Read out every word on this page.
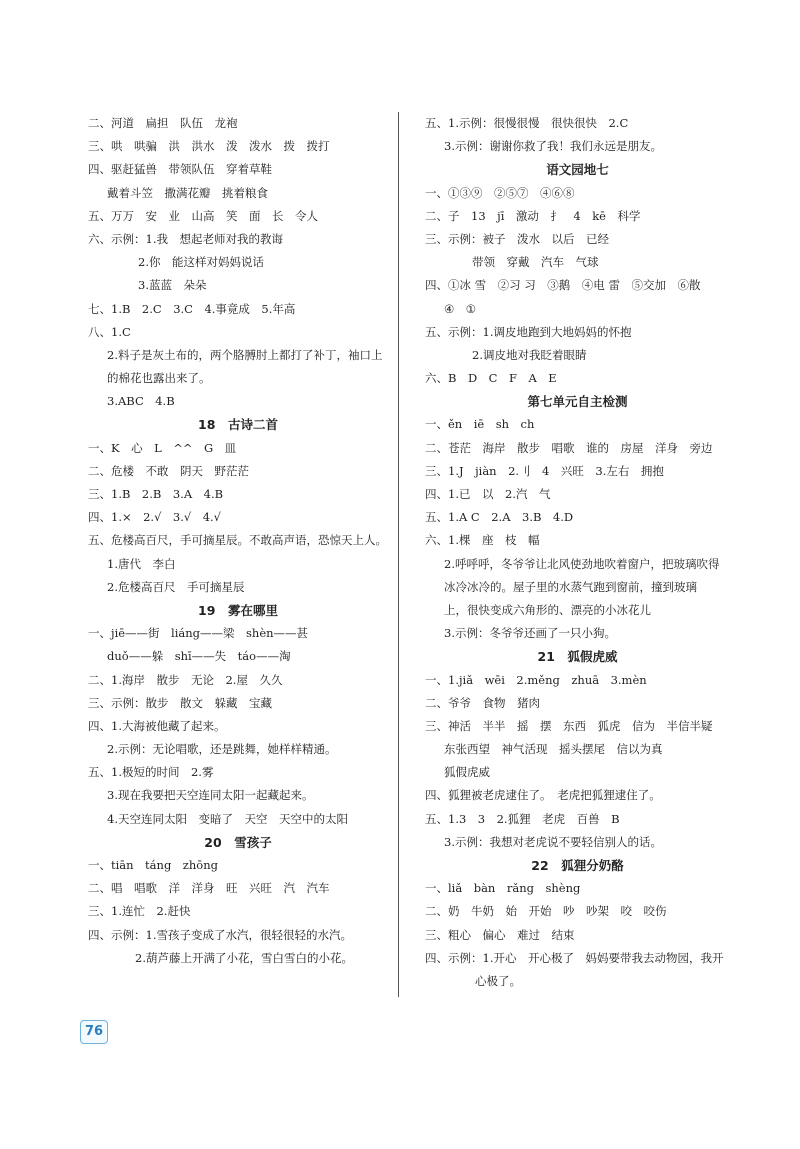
二、河道　扁担　队伍　龙袍
三、哄　哄骗　洪　洪水　泼　泼水　拨　拨打
四、驱赶猛兽　带领队伍　穿着草鞋
戴着斗笠　撒满花瓣　挑着粮食
五、万万　安　业　山高　笑　面　长　令人
六、示例：1.我　想起老师对我的教诲
2.你　能这样对妈妈说话
3.蓝蓝　朵朵
七、1.B　2.C　3.C　4.事竟成　5.年高
八、1.C
2.料子是灰土布的，两个胳膊肘上都打了补丁，袖口上
的棉花也露出来了。
3.ABC　4.B
18　古诗二首
一、K　心　L　^^　G　皿
二、危楼　不敢　阴天　野茫茫
三、1.B　2.B　3.A　4.B
四、1.×　2.√　3.√　4.√
五、危楼高百尺，手可摘星辰。不敢高声语，恐惊天上人。
1.唐代　李白
2.危楼高百尺　手可摘星辰
19　雾在哪里
一、jiē——街　liáng——梁　shèn——甚
duǒ——躲　shī——失　táo——淘
二、1.海岸　散步　无论　2.屋　久久
三、示例：散步　散文　躲藏　宝藏
四、1.大海被他藏了起来。
2.示例：无论唱歌，还是跳舞，她样样精通。
五、1.极短的时间　2.雾
3.现在我要把天空连同太阳一起藏起来。
4.天空连同太阳　变暗了　天空　天空中的太阳
20　雪孩子
一、tiān　táng　zhōng
二、唱　唱歌　洋　洋身　旺　兴旺　汽　汽车
三、1.连忙　2.赶快
四、示例：1.雪孩子变成了水汽，很轻很轻的水汽。
2.葫芦藤上开满了小花，雪白雪白的小花。
五、1.示例：很慢很慢　很快很快　2.C
3.示例：谢谢你救了我！我们永远是朋友。
语文园地七
一、①③⑨　②⑤⑦　④⑥⑧
二、子　13　jī　激动　扌　4　kē　科学
三、示例：被子　泼水　以后　已经
带领　穿戴　汽车　气球
四、①冰 雪　②习 习　③鹅　④电 雷　⑤交加　⑥散
④　①
五、示例：1.调皮地跑到大地妈妈的怀抱
2.调皮地对我眨着眼睛
六、B　D　C　F　A　E
第七单元自主检测
一、ěn　iē　sh　ch
二、苍茫　海岸　散步　唱歌　谁的　房屋　洋身　旁边
三、1.J　jiàn　2.刂　4　兴旺　3.左右　拥抱
四、1.已　以　2.汽　气
五、1.A C　2.A　3.B　4.D
六、1.棵　座　枝　幅
2.呼呼呼，冬爷爷让北风使劲地吹着窗户，把玻璃吹得
冰冷冰冷的。屋子里的水蒸气跑到窗前，撞到玻璃
上，很快变成六角形的、漂亮的小冰花儿
3.示例：冬爷爷还画了一只小狗。
21　狐假虎威
一、1.jiǎ　wēi　2.měng　zhuā　3.mèn
二、爷爷　食物　猪肉
三、神活　半半　摇　摆　东西　狐虎　信为　半信半疑
东张西望　神气活现　摇头摆尾　信以为真
狐假虎威
四、狐狸被老虎逮住了。　老虎把狐狸逮住了。
五、1.3　3　2.狐狸　老虎　百兽　B
3.示例：我想对老虎说不要轻信别人的话。
22　狐狸分奶酪
一、liǎ　bàn　rǎng　shèng
二、奶　牛奶　始　开始　吵　吵架　咬　咬伤
三、粗心　偏心　难过　结束
四、示例：1.开心　开心极了　妈妈要带我去动物园，我开
心极了。
76
